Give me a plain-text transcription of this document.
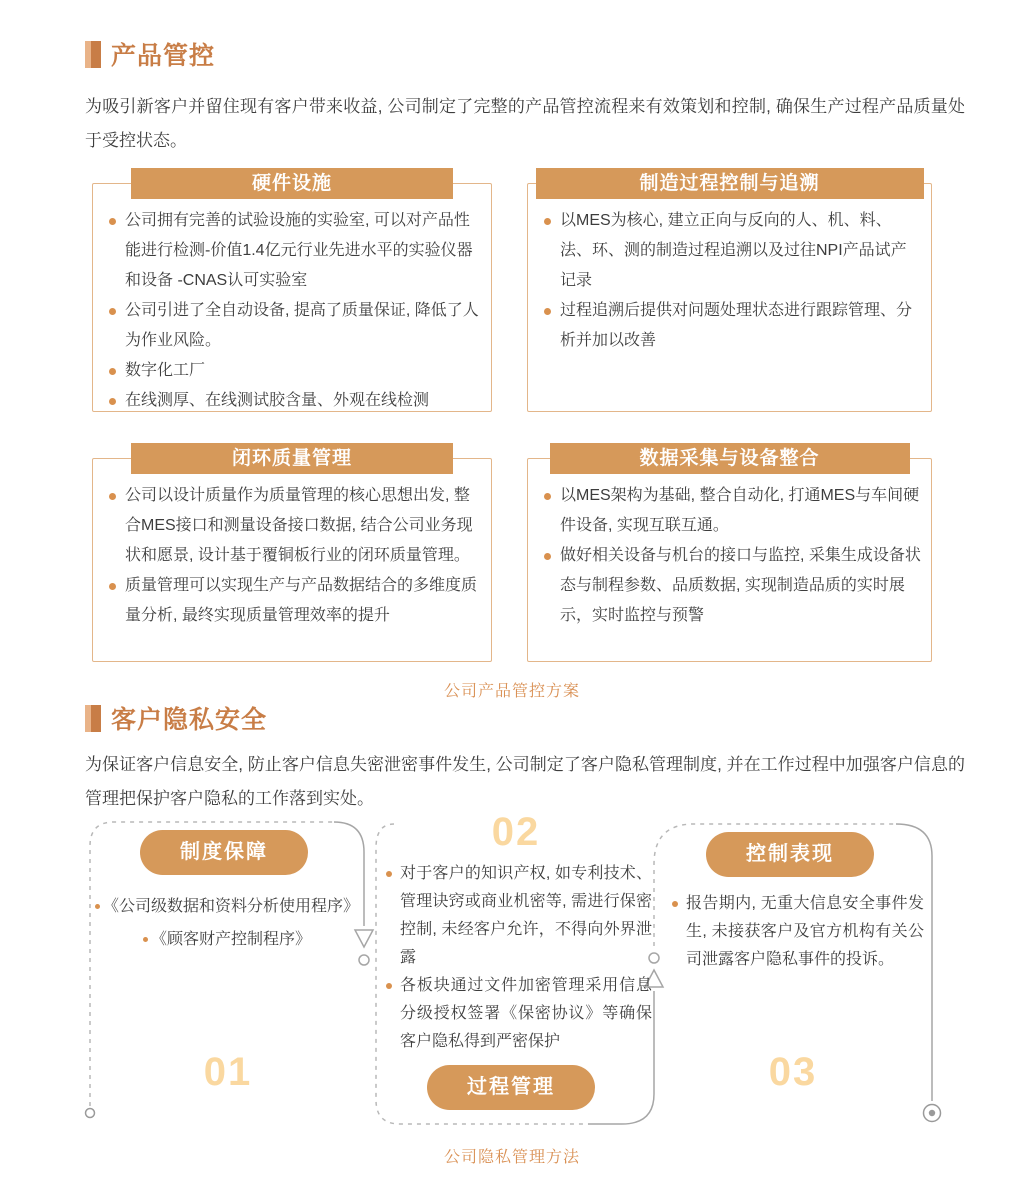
产品管控

为吸引新客户并留住现有客户带来收益, 公司制定了完整的产品管控流程来有效策划和控制, 确保生产过程产品质量处于受控状态。

硬件设施
公司拥有完善的试验设施的实验室, 可以对产品性能进行检测-价值1.4亿元行业先进水平的实验仪器和设备 -CNAS认可实验室
公司引进了全自动设备, 提高了质量保证, 降低了人为作业风险。
数字化工厂
在线测厚、在线测试胶含量、外观在线检测
制造过程控制与追溯
以MES为核心, 建立正向与反向的人、机、料、法、环、测的制造过程追溯以及过往NPI产品试产记录
过程追溯后提供对问题处理状态进行跟踪管理、分析并加以改善
闭环质量管理
公司以设计质量作为质量管理的核心思想出发, 整合MES接口和测量设备接口数据, 结合公司业务现状和愿景, 设计基于覆铜板行业的闭环质量管理。
质量管理可以实现生产与产品数据结合的多维度质量分析, 最终实现质量管理效率的提升
数据采集与设备整合
以MES架构为基础, 整合自动化, 打通MES与车间硬件设备, 实现互联互通。
做好相关设备与机台的接口与监控, 采集生成设备状态与制程参数、品质数据, 实现制造品质的实时展示，实时监控与预警
公司产品管控方案
客户隐私安全

为保证客户信息安全, 防止客户信息失密泄密事件发生, 公司制定了客户隐私管理制度, 并在工作过程中加强客户信息的管理把保护客户隐私的工作落到实处。

制度保障
《公司级数据和资料分析使用程序》
《顾客财产控制程序》
01
02
对于客户的知识产权, 如专利技术、管理诀窍或商业机密等, 需进行保密控制, 未经客户允许，不得向外界泄露
各板块通过文件加密管理采用信息分级授权签署《保密协议》等确保客户隐私得到严密保护
过程管理
控制表现
报告期内, 无重大信息安全事件发生, 未接获客户及官方机构有关公司泄露客户隐私事件的投诉。
03
公司隐私管理方法
